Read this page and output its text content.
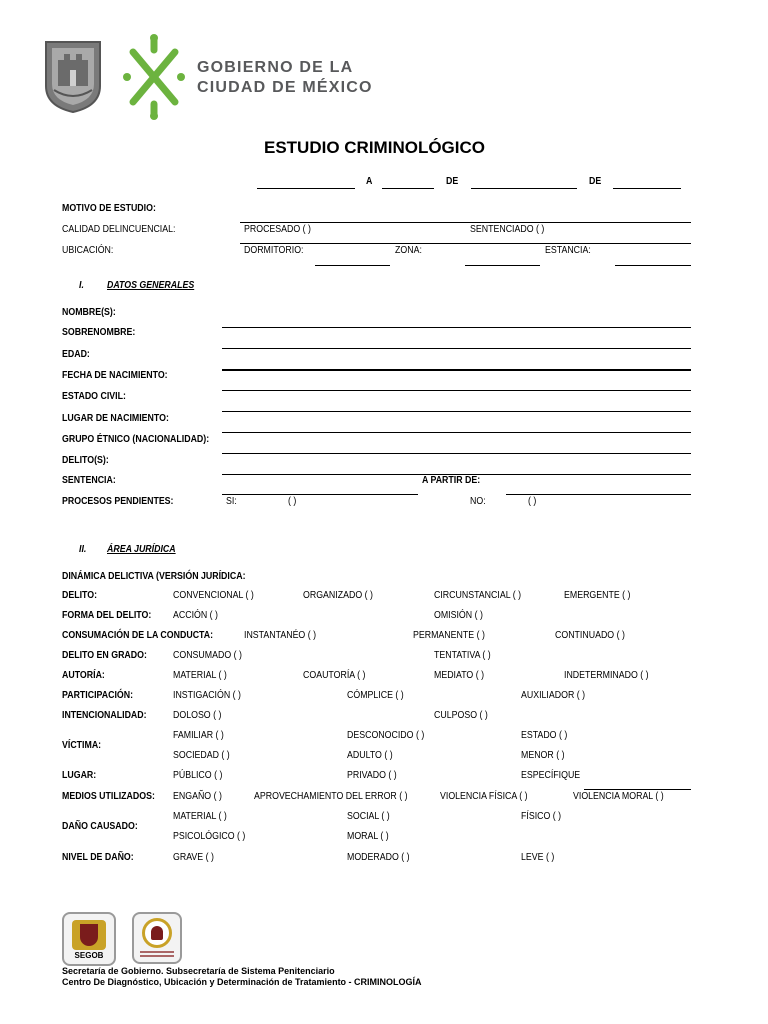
GOBIERNO DE LA
CIUDAD DE MÉXICO
ESTUDIO CRIMINOLÓGICO
A	DE	DE
MOTIVO DE ESTUDIO:
CALIDAD DELINCUENCIAL:	PROCESADO ( )	SENTENCIADO ( )
UBICACIÓN:	DORMITORIO:	ZONA:	ESTANCIA:
I. DATOS GENERALES
NOMBRE(S):
SOBRENOMBRE:
EDAD:
FECHA DE NACIMIENTO:
ESTADO CIVIL:
LUGAR DE NACIMIENTO:
GRUPO ÉTNICO (NACIONALIDAD):
DELITO(S):
SENTENCIA:	A PARTIR DE:
PROCESOS PENDIENTES:	SI:	( )	NO:	( )
II. ÁREA JURÍDICA
DINÁMICA DELICTIVA (VERSIÓN JURÍDICA:
DELITO:	CONVENCIONAL ( )	ORGANIZADO ( )	CIRCUNSTANCIAL ( )	EMERGENTE ( )
FORMA DEL DELITO: ACCIÓN ( )	OMISIÓN ( )
CONSUMACIÓN DE LA CONDUCTA:	INSTANTANÉO ( )	PERMANENTE ( )	CONTINUADO ( )
DELITO EN GRADO:	CONSUMADO ( )	TENTATIVA ( )
AUTORÍA:	MATERIAL ( )	COAUTORÍA ( )	MEDIATO ( )	INDETERMINADO ( )
PARTICIPACIÓN:	INSTIGACIÓN ( )	CÓMPLICE ( )	AUXILIADOR ( )
INTENCIONALIDAD:	DOLOSO ( )	CULPOSO ( )
VÍCTIMA:
FAMILIAR ( )	DESCONOCIDO ( )	ESTADO ( )
SOCIEDAD ( )	ADULTO ( )	MENOR ( )
LUGAR:	PÚBLICO ( )	PRIVADO ( )	ESPECÍFIQUE
MEDIOS UTILIZADOS: ENGAÑO ( )	APROVECHAMIENTO DEL ERROR ( )	VIOLENCIA FÍSICA ( )	VIOLENCIA MORAL ( )
DAÑO CAUSADO:
MATERIAL ( )	SOCIAL ( )	FÍSICO ( )
PSICOLÓGICO ( )	MORAL ( )
NIVEL DE DAÑO:	GRAVE ( )	MODERADO ( )	LEVE ( )
SEGOB
Secretaría de Gobierno. Subsecretaría de Sistema Penitenciario
Centro De Diagnóstico, Ubicación y Determinación de Tratamiento - CRIMINOLOGÍA
